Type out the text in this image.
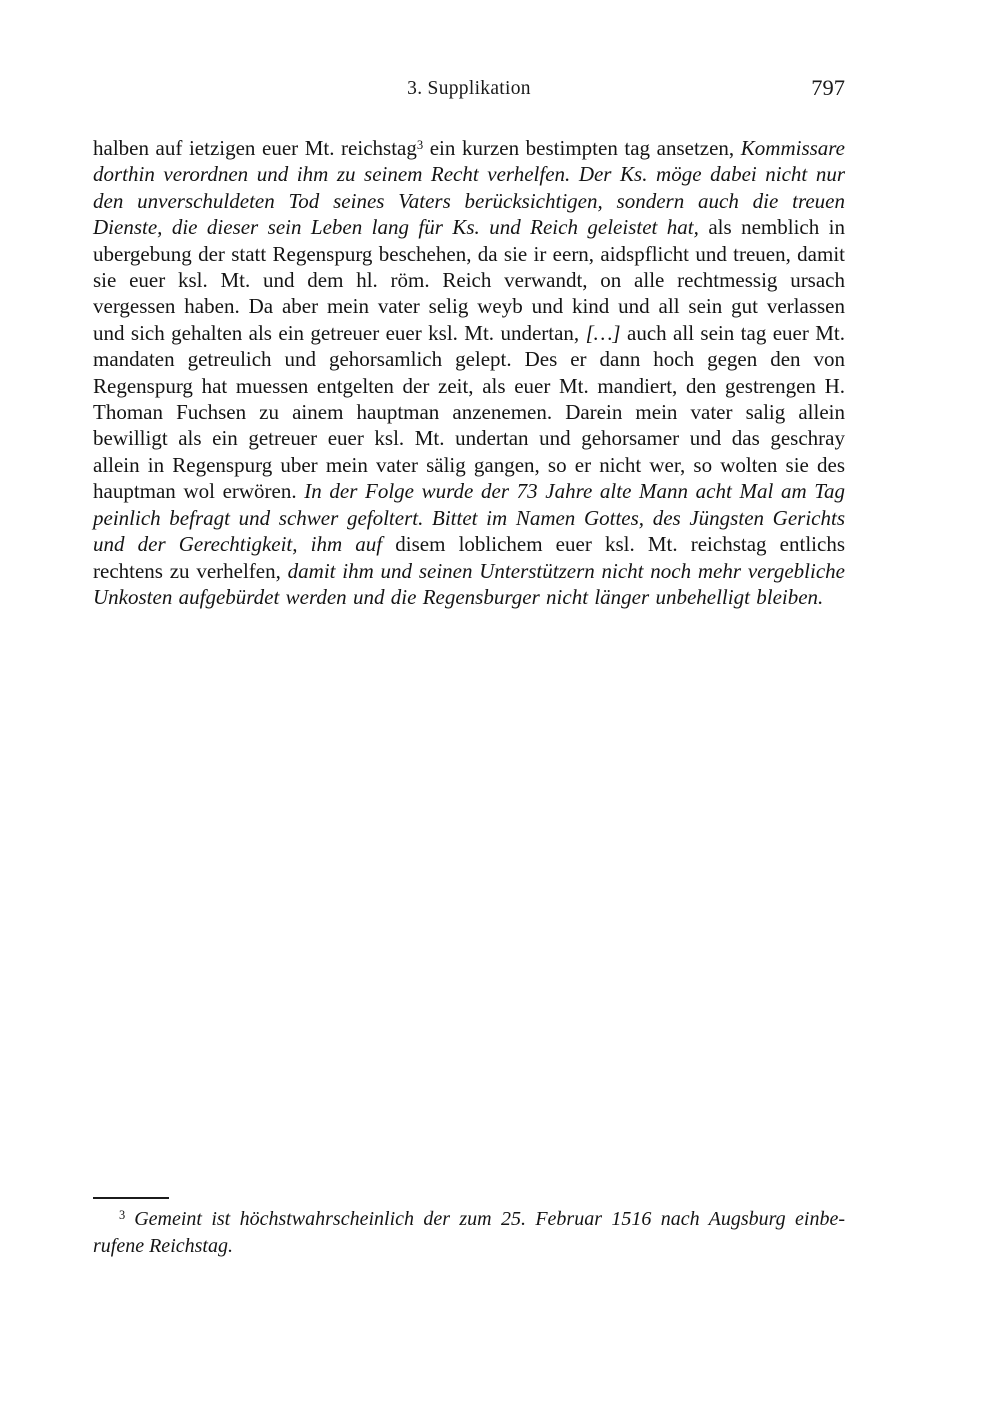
3. Supplikation	797

halben auf ietzigen euer Mt. reichstag$^3$ ein kurzen bestimpten tag ansetzen, Kommissare dorthin verordnen und ihm zu seinem Recht verhelfen. Der Ks. möge dabei nicht nur den unverschuldeten Tod seines Vaters berücksichtigen, sondern auch die treuen Dienste, die dieser sein Leben lang für Ks. und Reich geleistet hat, als nemblich in ubergebung der statt Regenspurg beschehen, da sie ir eern, aidspflicht und treuen, damit sie euer ksl. Mt. und dem hl. röm. Reich verwandt, on alle rechtmessig ursach vergessen haben. Da aber mein vater selig weyb und kind und all sein gut verlassen und sich gehalten als ein getreuer euer ksl. Mt. undertan, […] auch all sein tag euer Mt. mandaten getreulich und gehorsamlich gelept. Des er dann hoch gegen den von Regenspurg hat muessen entgelten der zeit, als euer Mt. mandiert, den gestrengen H. Thoman Fuchsen zu ainem hauptman anzenemen. Darein mein vater salig allein bewilligt als ein getreuer euer ksl. Mt. undertan und gehorsamer und das geschray allein in Regenspurg uber mein vater sälig gangen, so er nicht wer, so wolten sie des hauptman wol erwören. In der Folge wurde der 73 Jahre alte Mann acht Mal am Tag peinlich befragt und schwer gefoltert. Bittet im Namen Gottes, des Jüngsten Gerichts und der Gerechtigkeit, ihm auf disem loblichem euer ksl. Mt. reichstag entlichs rechtens zu verhelfen, damit ihm und seinen Unterstützern nicht noch mehr vergebliche Unkosten aufgebürdet werden und die Regensburger nicht länger unbehelligt bleiben.

$^3$ Gemeint ist höchstwahrscheinlich der zum 25. Februar 1516 nach Augsburg einberufene Reichstag.
